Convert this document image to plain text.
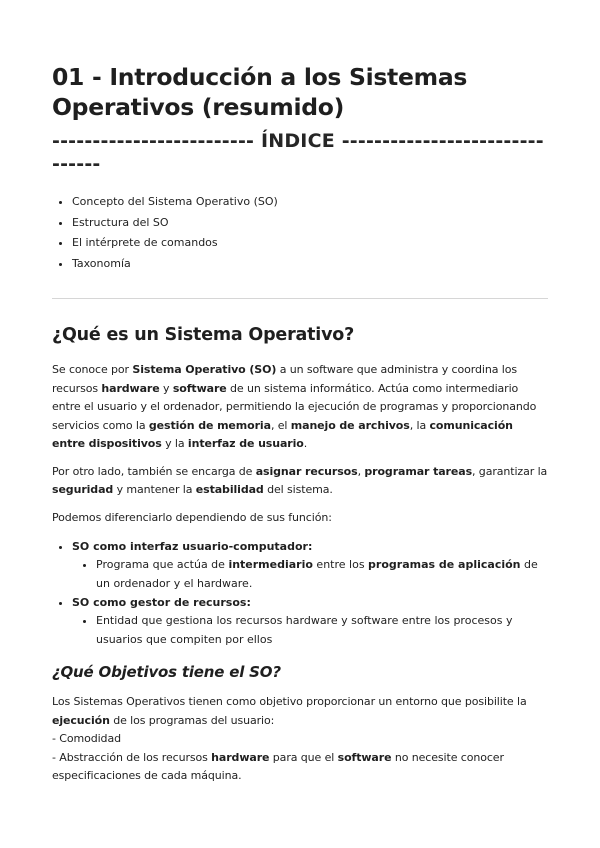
01 - Introducción a los Sistemas Operativos (resumido)
------------------------- ÍNDICE -------------------------------
• Concepto del Sistema Operativo (SO)
• Estructura del SO
• El intérprete de comandos
• Taxonomía
¿Qué es un Sistema Operativo?

Se conoce por Sistema Operativo (SO) a un software que administra y coordina los recursos hardware y software de un sistema informático. Actúa como intermediario entre el usuario y el ordenador, permitiendo la ejecución de programas y proporcionando servicios como la gestión de memoria, el manejo de archivos, la comunicación entre dispositivos y la interfaz de usuario.

Por otro lado, también se encarga de asignar recursos, programar tareas, garantizar la seguridad y mantener la estabilidad del sistema.

Podemos diferenciarlo dependiendo de sus función:

• SO como interfaz usuario-computador:
• Programa que actúa de intermediario entre los programas de aplicación de un ordenador y el hardware.
• SO como gestor de recursos:
• Entidad que gestiona los recursos hardware y software entre los procesos y usuarios que compiten por ellos
¿Qué Objetivos tiene el SO?

Los Sistemas Operativos tienen como objetivo proporcionar un entorno que posibilite la ejecución de los programas del usuario:

- Comodidad

- Abstracción de los recursos hardware para que el software no necesite conocer especificaciones de cada máquina.
